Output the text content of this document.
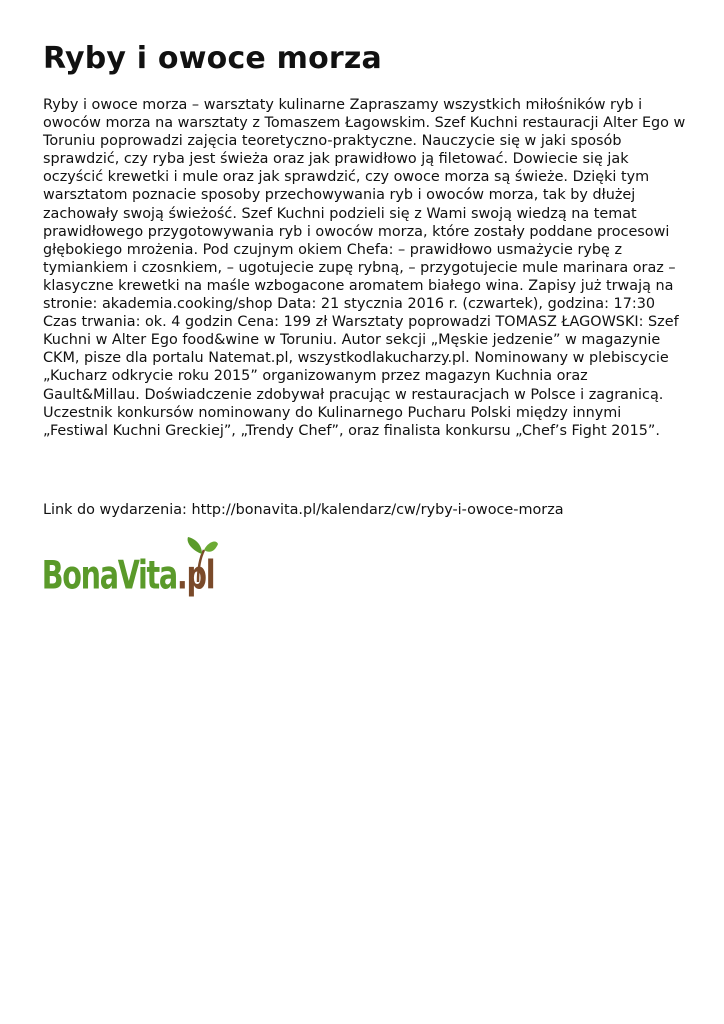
Ryby i owoce morza

Ryby i owoce morza – warsztaty kulinarne Zapraszamy wszystkich miłośników ryb i owoców morza na warsztaty z Tomaszem Łagowskim. Szef Kuchni restauracji Alter Ego w Toruniu poprowadzi zajęcia teoretyczno-praktyczne. Nauczycie się w jaki sposób sprawdzić, czy ryba jest świeża oraz jak prawidłowo ją filetować. Dowiecie się jak oczyścić krewetki i mule oraz jak sprawdzić, czy owoce morza są świeże. Dzięki tym warsztatom poznacie sposoby przechowywania ryb i owoców morza, tak by dłużej zachowały swoją świeżość. Szef Kuchni podzieli się z Wami swoją wiedzą na temat prawidłowego przygotowywania ryb i owoców morza, które zostały poddane procesowi głębokiego mrożenia. Pod czujnym okiem Chefa: – prawidłowo usmażycie rybę z tymiankiem i czosnkiem, – ugotujecie zupę rybną, – przygotujecie mule marinara oraz – klasyczne krewetki na maśle wzbogacone aromatem białego wina. Zapisy już trwają na stronie: akademia.cooking/shop Data: 21 stycznia 2016 r. (czwartek), godzina: 17:30 Czas trwania: ok. 4 godzin Cena: 199 zł Warsztaty poprowadzi TOMASZ ŁAGOWSKI: Szef Kuchni w Alter Ego food&wine w Toruniu. Autor sekcji „Męskie jedzenie” w magazynie CKM, pisze dla portalu Natemat.pl, wszystkodlakucharzy.pl. Nominowany w plebiscycie „Kucharz odkrycie roku 2015” organizowanym przez magazyn Kuchnia oraz Gault&Millau. Doświadczenie zdobywał pracując w restauracjach w Polsce i zagranicą. Uczestnik konkursów nominowany do Kulinarnego Pucharu Polski między innymi „Festiwal Kuchni Greckiej”, „Trendy Chef”, oraz finalista konkursu „Chef’s Fight 2015”.

Link do wydarzenia: http://bonavita.pl/kalendarz/cw/ryby-i-owoce-morza

BonaVita.pl
